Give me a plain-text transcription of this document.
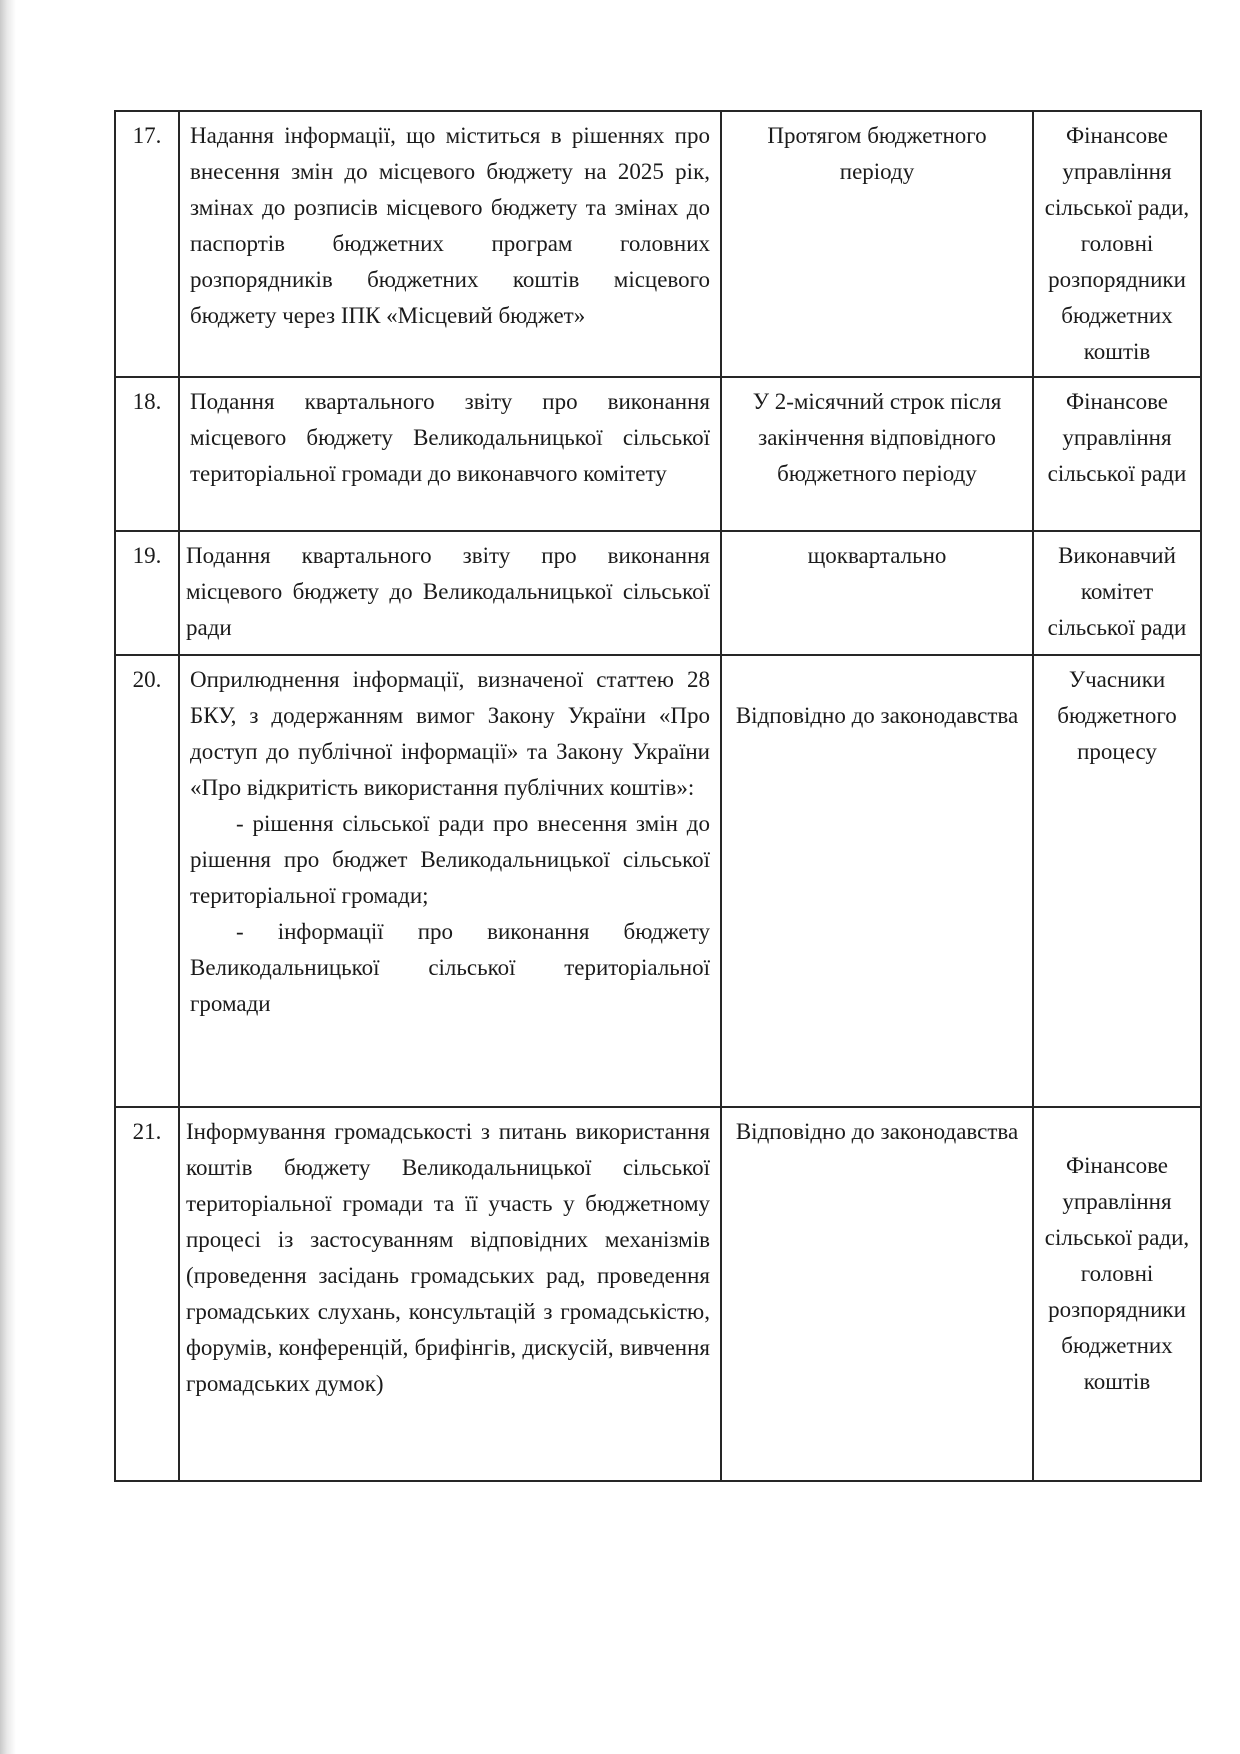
17.	Надання інформації, що міститься в рішеннях про внесення змін до місцевого бюджету на 2025 рік, змінах до розписів місцевого бюджету та змінах до паспортів бюджетних програм головних розпорядників бюджетних коштів місцевого бюджету через ІПК «Місцевий бюджет»	Протягом бюджетного періоду	Фінансове управління сільської ради, головні розпорядники бюджетних коштів
18.	Подання квартального звіту про виконання місцевого бюджету Великодальницької сільської територіальної громади до виконавчого комітету	У 2-місячний строк після закінчення відповідного бюджетного періоду	Фінансове управління сільської ради
19.	Подання квартального звіту про виконання місцевого бюджету до Великодальницької сільської ради	щоквартально	Виконавчий комітет сільської ради
20.	Оприлюднення інформації, визначеної статтею 28 БКУ, з додержанням вимог Закону України «Про доступ до публічної інформації» та Закону України «Про відкритість використання публічних коштів»:

- рішення сільської ради про внесення змін до рішення про бюджет Великодальницької сільської територіальної громади;

- інформації про виконання бюджету Великодальницької сільської територіальної громади	Відповідно до законодавства	Учасники бюджетного процесу
21.	Інформування громадськості з питань використання коштів бюджету Великодальницької сільської територіальної громади та її участь у бюджетному процесі із застосуванням відповідних механізмів (проведення засідань громадських рад, проведення громадських слухань, консультацій з громадськістю, форумів, конференцій, брифінгів, дискусій, вивчення громадських думок)	Відповідно до законодавства	Фінансове управління сільської ради, головні розпорядники бюджетних коштів
